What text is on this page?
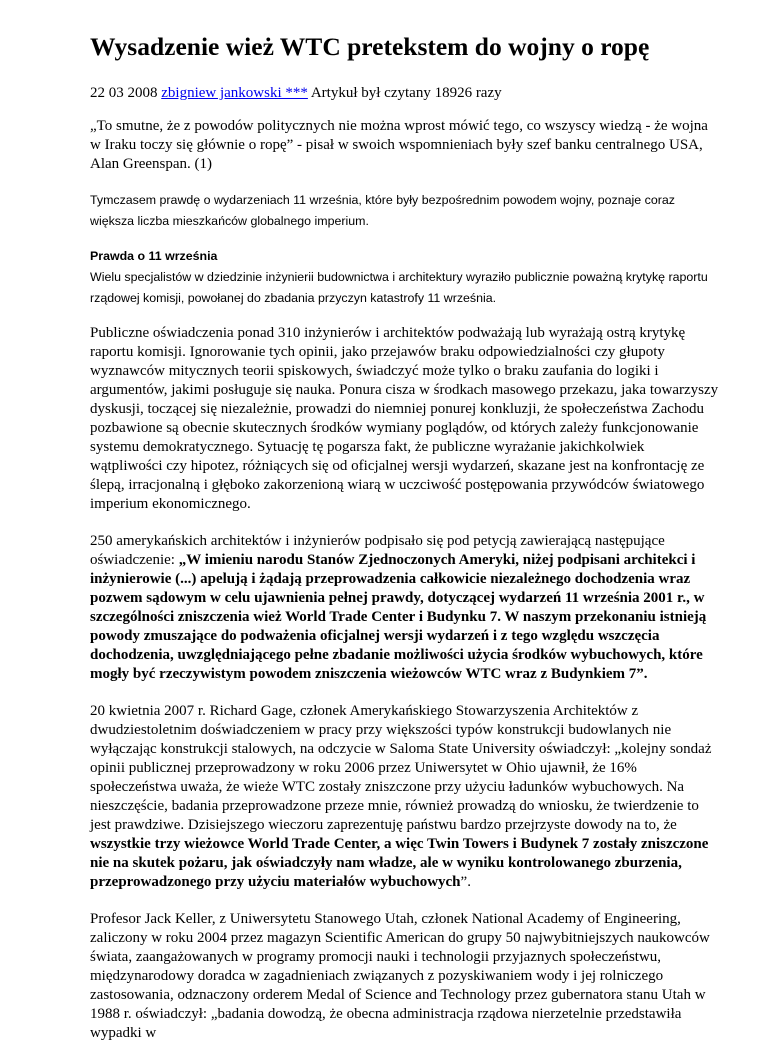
Wysadzenie wież WTC pretekstem do wojny o ropę
22 03 2008 zbigniew jankowski *** Artykuł był czytany 18926 razy

„To smutne, że z powodów politycznych nie można wprost mówić tego, co wszyscy wiedzą - że wojna w Iraku toczy się głównie o ropę” - pisał w swoich wspomnieniach były szef banku centralnego USA, Alan Greenspan. (1)

Tymczasem prawdę o wydarzeniach 11 września, które były bezpośrednim powodem wojny, poznaje coraz większa liczba mieszkańców globalnego imperium.

Prawda o 11 września

Wielu specjalistów w dziedzinie inżynierii budownictwa i architektury wyraziło publicznie poważną krytykę raportu rządowej komisji, powołanej do zbadania przyczyn katastrofy 11 września.

Publiczne oświadczenia ponad 310 inżynierów i architektów podważają lub wyrażają ostrą krytykę raportu komisji. Ignorowanie tych opinii, jako przejawów braku odpowiedzialności czy głupoty wyznawców mitycznych teorii spiskowych, świadczyć może tylko o braku zaufania do logiki i argumentów, jakimi posługuje się nauka. Ponura cisza w środkach masowego przekazu, jaka towarzyszy dyskusji, toczącej się niezależnie, prowadzi do niemniej ponurej konkluzji, że społeczeństwa Zachodu pozbawione są obecnie skutecznych środków wymiany poglądów, od których zależy funkcjonowanie systemu demokratycznego. Sytuację tę pogarsza fakt, że publiczne wyrażanie jakichkolwiek wątpliwości czy hipotez, różniących się od oficjalnej wersji wydarzeń, skazane jest na konfrontację ze ślepą, irracjonalną i głęboko zakorzenioną wiarą w uczciwość postępowania przywódców światowego imperium ekonomicznego.

250 amerykańskich architektów i inżynierów podpisało się pod petycją zawierającą następujące oświadczenie: „W imieniu narodu Stanów Zjednoczonych Ameryki, niżej podpisani architekci i inżynierowie (...) apelują i żądają przeprowadzenia całkowicie niezależnego dochodzenia wraz pozwem sądowym w celu ujawnienia pełnej prawdy, dotyczącej wydarzeń 11 września 2001 r., w szczególności zniszczenia wież World Trade Center i Budynku 7. W naszym przekonaniu istnieją powody zmuszające do podważenia oficjalnej wersji wydarzeń i z tego względu wszczęcia dochodzenia, uwzględniającego pełne zbadanie możliwości użycia środków wybuchowych, które mogły być rzeczywistym powodem zniszczenia wieżowców WTC wraz z Budynkiem 7”.

20 kwietnia 2007 r. Richard Gage, członek Amerykańskiego Stowarzyszenia Architektów z dwudziestoletnim doświadczeniem w pracy przy większości typów konstrukcji budowlanych nie wyłączając konstrukcji stalowych, na odczycie w Saloma State University oświadczył: „kolejny sondaż opinii publicznej przeprowadzony w roku 2006 przez Uniwersytet w Ohio ujawnił, że 16% społeczeństwa uważa, że wieże WTC zostały zniszczone przy użyciu ładunków wybuchowych. Na nieszczęście, badania przeprowadzone przeze mnie, również prowadzą do wniosku, że twierdzenie to jest prawdziwe. Dzisiejszego wieczoru zaprezentuję państwu bardzo przejrzyste dowody na to, że wszystkie trzy wieżowce World Trade Center, a więc Twin Towers i Budynek 7 zostały zniszczone nie na skutek pożaru, jak oświadczyły nam władze, ale w wyniku kontrolowanego zburzenia, przeprowadzonego przy użyciu materiałów wybuchowych”.

Profesor Jack Keller, z Uniwersytetu Stanowego Utah, członek National Academy of Engineering, zaliczony w roku 2004 przez magazyn Scientific American do grupy 50 najwybitniejszych naukowców świata, zaangażowanych w programy promocji nauki i technologii przyjaznych społeczeństwu, międzynarodowy doradca w zagadnieniach związanych z pozyskiwaniem wody i jej rolniczego zastosowania, odznaczony orderem Medal of Science and Technology przez gubernatora stanu Utah w 1988 r. oświadczył: „badania dowodzą, że obecna administracja rządowa nierzetelnie przedstawiła wypadki w
